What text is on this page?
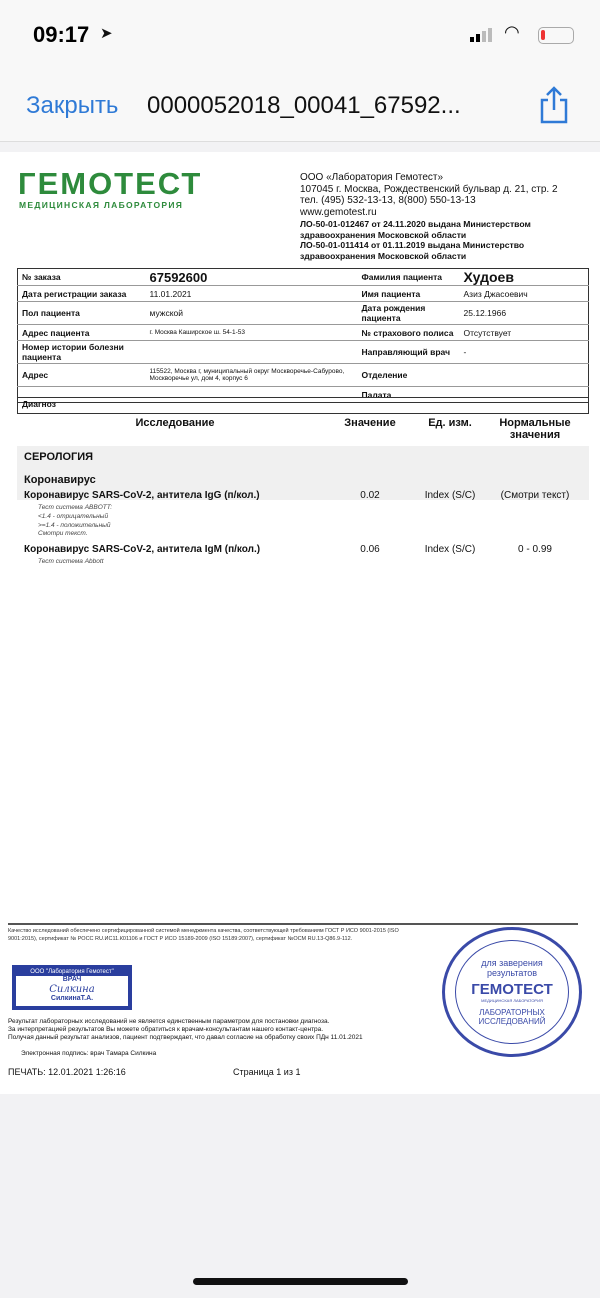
09:17 ➤	◠
Закрыть 0000052018_00041_67592...
ГЕМОТЕСТ
МЕДИЦИНСКАЯ ЛАБОРАТОРИЯ
ООО «Лаборатория Гемотест»
107045 г. Москва, Рождественский бульвар д. 21, стр. 2
тел. (495) 532-13-13, 8(800) 550-13-13
www.gemotest.ru
ЛО-50-01-012467 от 24.11.2020 выдана Министерством здравоохранения Московской области
ЛО-50-01-011414 от 01.11.2019 выдана Министерство здравоохранения Московской области
№ заказа	67592600	Фамилия пациента	Худоев
Дата регистрации заказа	11.01.2021	Имя пациента	Азиз Джасоевич
Пол пациента	мужской	Дата рождения пациента	25.12.1966
Адрес пациента	г. Москва Каширское ш. 54-1-53	№ страхового полиса	Отсутствует
Номер истории болезни пациента		Направляющий врач	-
Адрес	115522, Москва г, муниципальный округ Москворечье-Сабурово, Москворечье ул, дом 4, корпус 6	Отделение	
		Палата	
Диагноз
Исследование	Значение	Ед. изм.	Нормальные значения
СЕРОЛОГИЯ
Коронавирус
Коронавирус SARS-CoV-2, антитела IgG (п/кол.)	0.02	Index (S/C)	(Смотри текст)
Тест система ABBOTT:
<1.4 - отрицательный
>=1.4 - положительный
Смотри текст.
Коронавирус SARS-CoV-2, антитела IgM (п/кол.)	0.06	Index (S/C)	0 - 0.99
Тест система Abbott
Качество исследований обеспечено сертифицированной системой менеджмента качества, соответствующей требованиям ГОСТ Р ИСО 9001-2015 (ISO 9001:2015), сертификат № РОСС RU.ИС11.К01106 и ГОСТ Р ИСО 15189-2009 (ISO 15189:2007), сертификат №ОСМ RU.13-Q86.9-112.
ООО "Лаборатория Гемотест"
ВРАЧ
Силкина
СилкинаТ.А.
Результат лабораторных исследований не является единственным параметром для постановки диагноза.
За интерпретацией результатов Вы можете обратиться к врачам-консультантам нашего контакт-центра.
Получая данный результат анализов, пациент подтверждает, что давал согласие на обработку своих ПДн 11.01.2021
Электронная подпись: врач Тамара Силкина
ПЕЧАТЬ: 12.01.2021 1:26:16	Страница 1 из 1
для заверения
результатов
ГЕМОТЕСТ
МЕДИЦИНСКАЯ ЛАБОРАТОРИЯ
ЛАБОРАТОРНЫХ
ИССЛЕДОВАНИЙ
